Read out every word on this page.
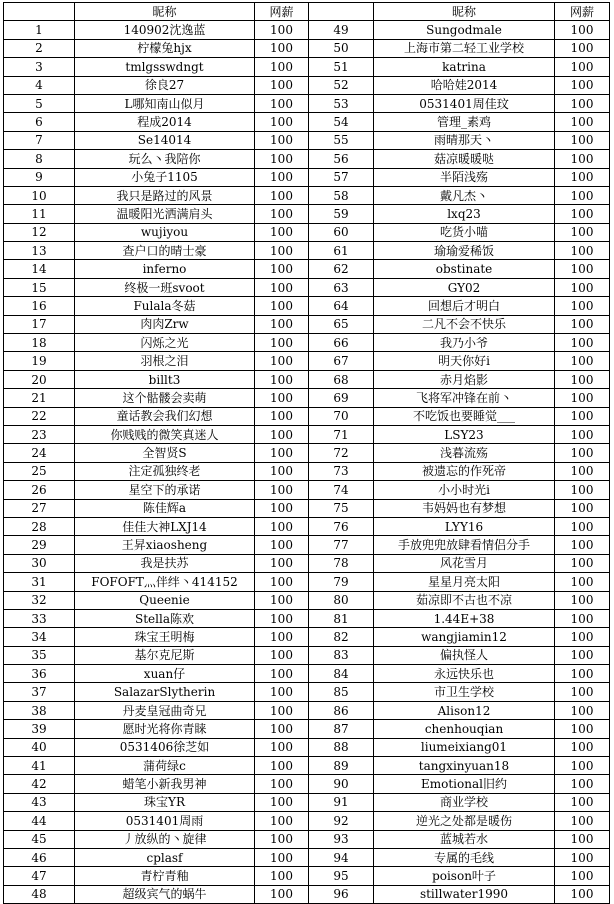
	昵称	网薪		昵称	网薪
1	140902沈逸蓝	100	49	Sungodmale	100
2	柠檬兔hjx	100	50	上海市第二轻工业学校	100
3	tmlgsswdngt	100	51	katrina	100
4	徐良27	100	52	哈哈娃2014	100
5	L哪知南山似月	100	53	0531401周佳玟	100
6	程成2014	100	54	管理_素鸡	100
7	Se14014	100	55	雨晴那天丶	100
8	玩么丶我陪你	100	56	菇凉暖暖哒	100
9	小兔子1105	100	57	半陌浅殇	100
10	我只是路过的风景	100	58	戴凡杰丶	100
11	温暖阳光洒满肩头	100	59	lxq23	100
12	wujiyou	100	60	吃货小喵	100
13	查户口的晴士豪	100	61	瑜瑜爱稀饭	100
14	inferno	100	62	obstinate	100
15	终极一班svoot	100	63	GY02	100
16	Fulala冬菇	100	64	回想后才明白	100
17	肉肉Zrw	100	65	二凡不会不快乐	100
18	闪烁之光	100	66	我乃小爷	100
19	羽根之泪	100	67	明天你好i	100
20	billt3	100	68	赤月焰影	100
21	这个骷髅会卖萌	100	69	飞将军冲锋在前丶	100
22	童话教会我们幻想	100	70	不吃饭也要睡觉___	100
23	你贱贱的微笑真迷人	100	71	LSY23	100
24	全智贤S	100	72	浅暮流殇	100
25	注定孤独终老	100	73	被遗忘的作死帝	100
26	星空下的承诺	100	74	小小时光i	100
27	陈佳辉a	100	75	韦妈妈也有梦想	100
28	佳佳大神LXJ14	100	76	LYY16	100
29	王昇xiaosheng	100	77	手放兜兜放肆看情侣分手	100
30	我是扶苏	100	78	风花雪月	100
31	FOFOFT灬伴绊丶414152	100	79	星星月亮太阳	100
32	Queenie	100	80	茹凉即不古也不凉	100
33	Stella陈欢	100	81	1.44E+38	100
34	珠宝王明梅	100	82	wangjiamin12	100
35	基尔克尼斯	100	83	偏执怪人	100
36	xuan仔	100	84	永远快乐也	100
37	SalazarSlytherin	100	85	市卫生学校	100
38	丹麦皇冠曲奇兄	100	86	Alison12	100
39	愿时光将你青睐	100	87	chenhouqian	100
40	0531406徐芝如	100	88	liumeixiang01	100
41	蒲荷绿c	100	89	tangxinyuan18	100
42	蜡笔小新我男神	100	90	Emotional旧约	100
43	珠宝YR	100	91	商业学校	100
44	0531401周雨	100	92	逆光之处都是暖伤	100
45	丿放纵的丶旋律	100	93	蓝城若水	100
46	cplasf	100	94	专属的毛线	100
47	青柠青釉	100	95	poison叶子	100
48	超级宾气的蜗牛	100	96	stillwater1990	100
